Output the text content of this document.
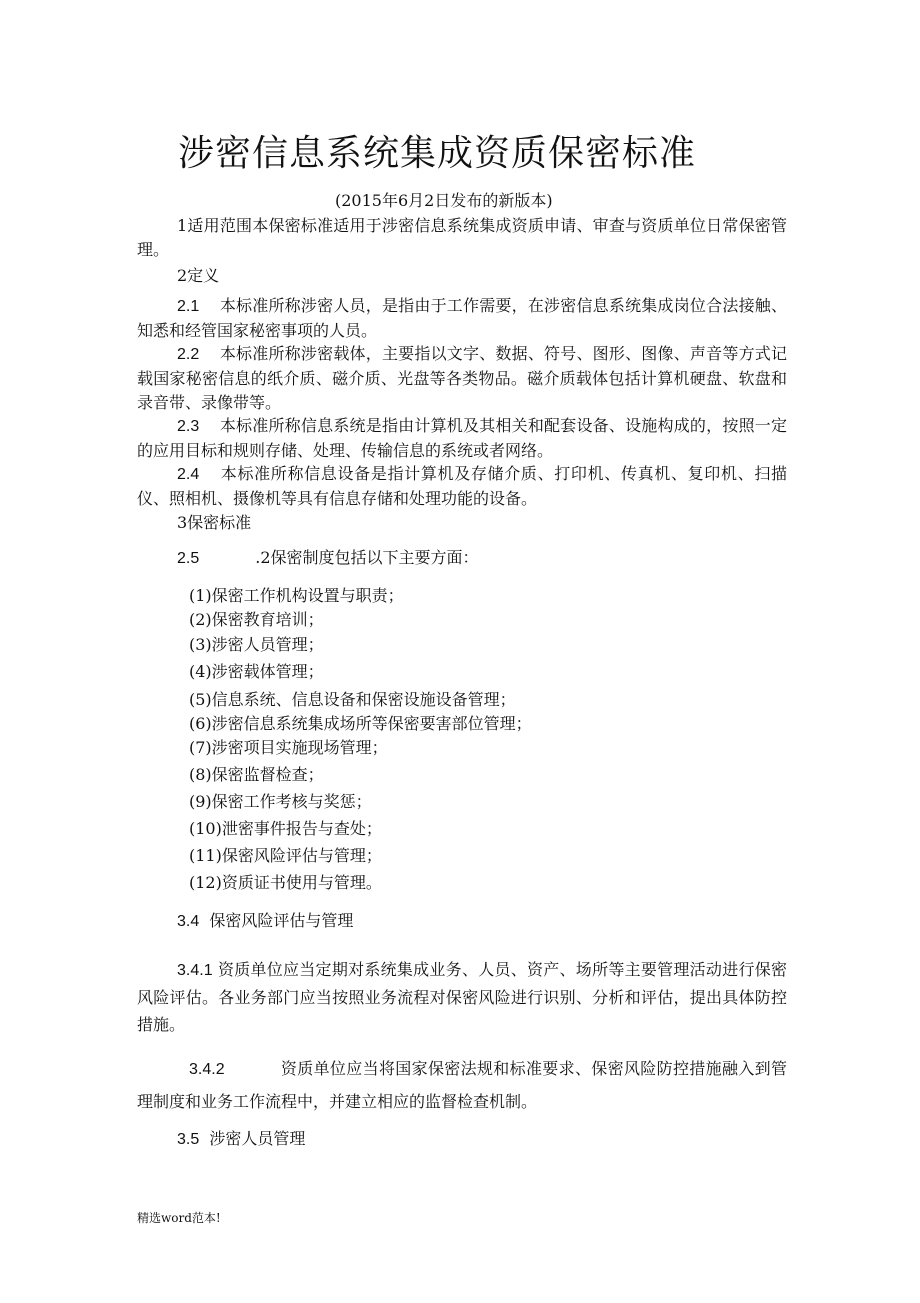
涉密信息系统集成资质保密标准
(2015年6月2日发布的新版本)
1适用范围本保密标准适用于涉密信息系统集成资质申请、审查与资质单位日常保密管理。
2定义
2.1 本标准所称涉密人员，是指由于工作需要，在涉密信息系统集成岗位合法接触、知悉和经管国家秘密事项的人员。
2.2 本标准所称涉密载体，主要指以文字、数据、符号、图形、图像、声音等方式记载国家秘密信息的纸介质、磁介质、光盘等各类物品。磁介质载体包括计算机硬盘、软盘和录音带、录像带等。
2.3 本标准所称信息系统是指由计算机及其相关和配套设备、设施构成的，按照一定的应用目标和规则存储、处理、传输信息的系统或者网络。
2.4 本标准所称信息设备是指计算机及存储介质、打印机、传真机、复印机、扫描仪、照相机、摄像机等具有信息存储和处理功能的设备。
3保密标准
2.5	.2保密制度包括以下主要方面：
(1)保密工作机构设置与职责；
(2)保密教育培训；
(3)涉密人员管理；
(4)涉密载体管理；
(5)信息系统、信息设备和保密设施设备管理；
(6)涉密信息系统集成场所等保密要害部位管理；
(7)涉密项目实施现场管理；
(8)保密监督检查；
(9)保密工作考核与奖惩；
(10)泄密事件报告与查处；
(11)保密风险评估与管理；
(12)资质证书使用与管理。
3.4 保密风险评估与管理
3.4.1 资质单位应当定期对系统集成业务、人员、资产、场所等主要管理活动进行保密风险评估。各业务部门应当按照业务流程对保密风险进行识别、分析和评估，提出具体防控措施。
3.4.2	资质单位应当将国家保密法规和标准要求、保密风险防控措施融入到管理制度和业务工作流程中，并建立相应的监督检查机制。
3.5 涉密人员管理
精选word范本!
